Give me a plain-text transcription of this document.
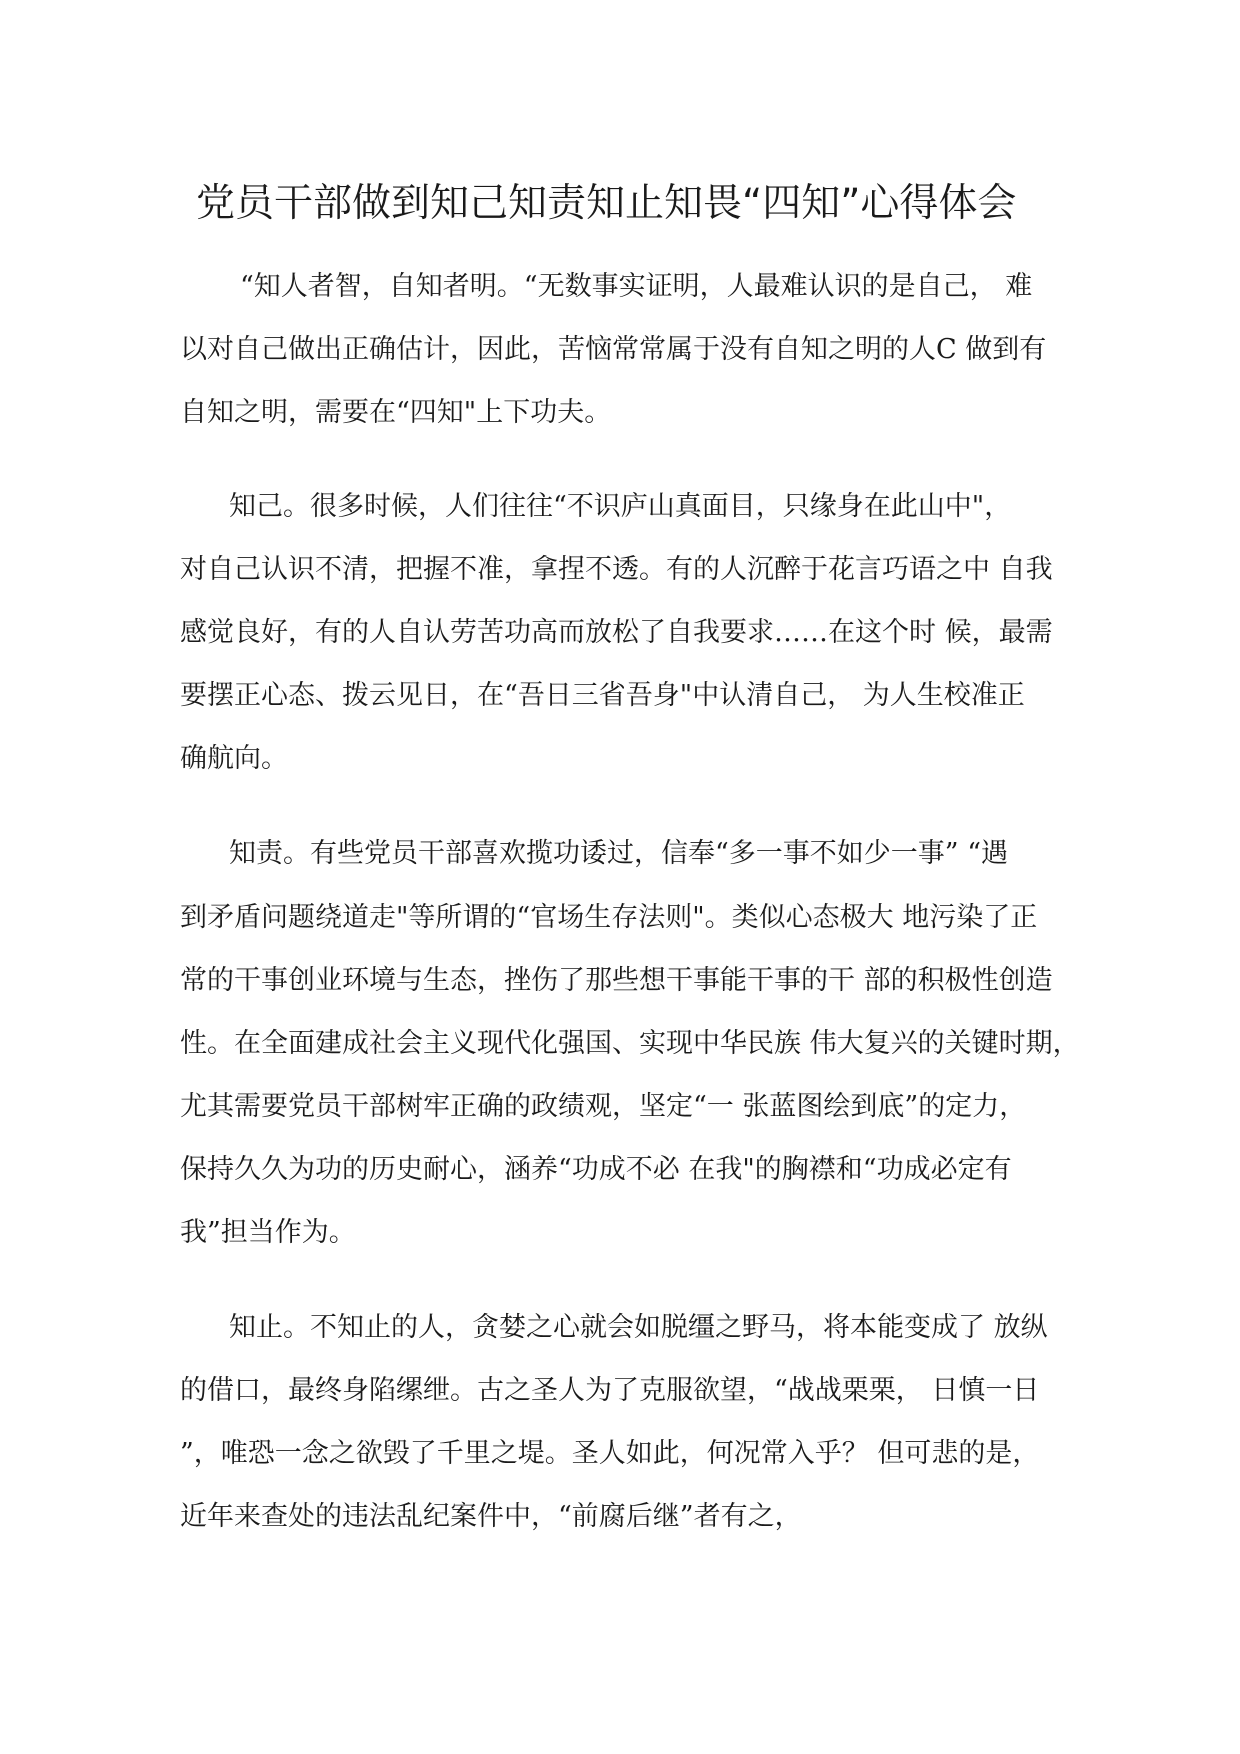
党员干部做到知己知责知止知畏“四知”心得体会

“知人者智，自知者明。“无数事实证明，人最难认识的是自己， 难

以对自己做出正确估计，因此，苦恼常常属于没有自知之明的人C 做到有

自知之明，需要在“四知"上下功夫。

知己。很多时候，人们往往“不识庐山真面目，只缘身在此山中"，

对自己认识不清，把握不准，拿捏不透。有的人沉醉于花言巧语之中 自我

感觉良好，有的人自认劳苦功高而放松了自我要求……在这个时 候，最需

要摆正心态、拨云见日，在“吾日三省吾身"中认清自己， 为人生校准正

确航向。

知责。有些党员干部喜欢揽功诿过，信奉“多一事不如少一事” “遇

到矛盾问题绕道走"等所谓的“官场生存法则"。类似心态极大 地污染了正

常的干事创业环境与生态，挫伤了那些想干事能干事的干 部的积极性创造

性。在全面建成社会主义现代化强国、实现中华民族 伟大复兴的关键时期，

尤其需要党员干部树牢正确的政绩观，坚定“一 张蓝图绘到底”的定力，

保持久久为功的历史耐心，涵养“功成不必 在我"的胸襟和“功成必定有

我”担当作为。

知止。不知止的人，贪婪之心就会如脱缰之野马，将本能变成了 放纵

的借口，最终身陷缧绁。古之圣人为了克服欲望，“战战栗栗， 日慎一日

”，唯恐一念之欲毁了千里之堤。圣人如此，何况常入乎？ 但可悲的是，

近年来查处的违法乱纪案件中，“前腐后继”者有之，
